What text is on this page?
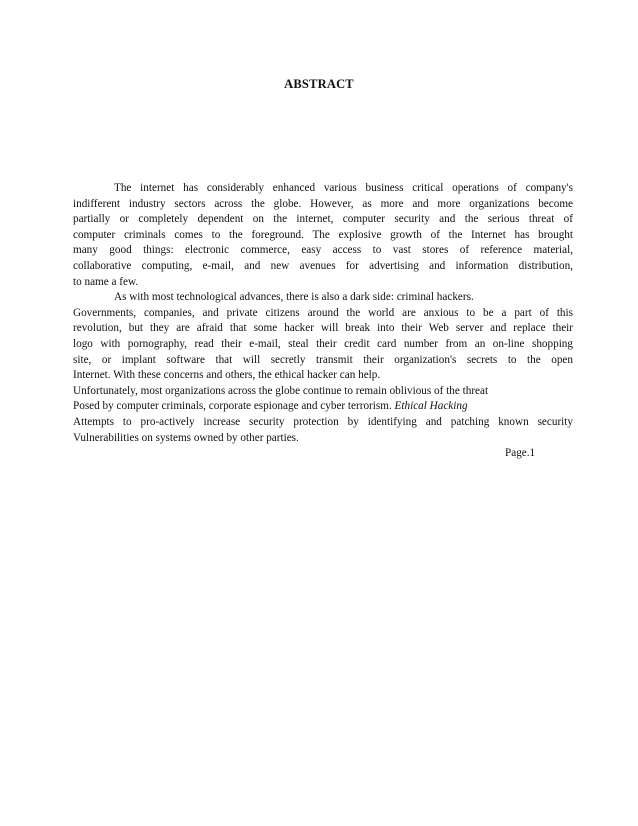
ABSTRACT
The internet has considerably enhanced various business critical operations of company's
indifferent industry sectors across the globe. However, as more and more organizations become
partially or completely dependent on the internet, computer security and the serious threat of
computer criminals comes to the foreground. The explosive growth of the Internet has brought
many good things: electronic commerce, easy access to vast stores of reference material,
collaborative computing, e-mail, and new avenues for advertising and information distribution,
to name a few.
As with most technological advances, there is also a dark side: criminal hackers.
Governments, companies, and private citizens around the world are anxious to be a part of this
revolution, but they are afraid that some hacker will break into their Web server and replace their
logo with pornography, read their e-mail, steal their credit card number from an on-line shopping
site, or implant software that will secretly transmit their organization's secrets to the open
Internet. With these concerns and others, the ethical hacker can help.
Unfortunately, most organizations across the globe continue to remain oblivious of the threat
Posed by computer criminals, corporate espionage and cyber terrorism. Ethical Hacking
Attempts to pro-actively increase security protection by identifying and patching known security
Vulnerabilities on systems owned by other parties.
Page.1
